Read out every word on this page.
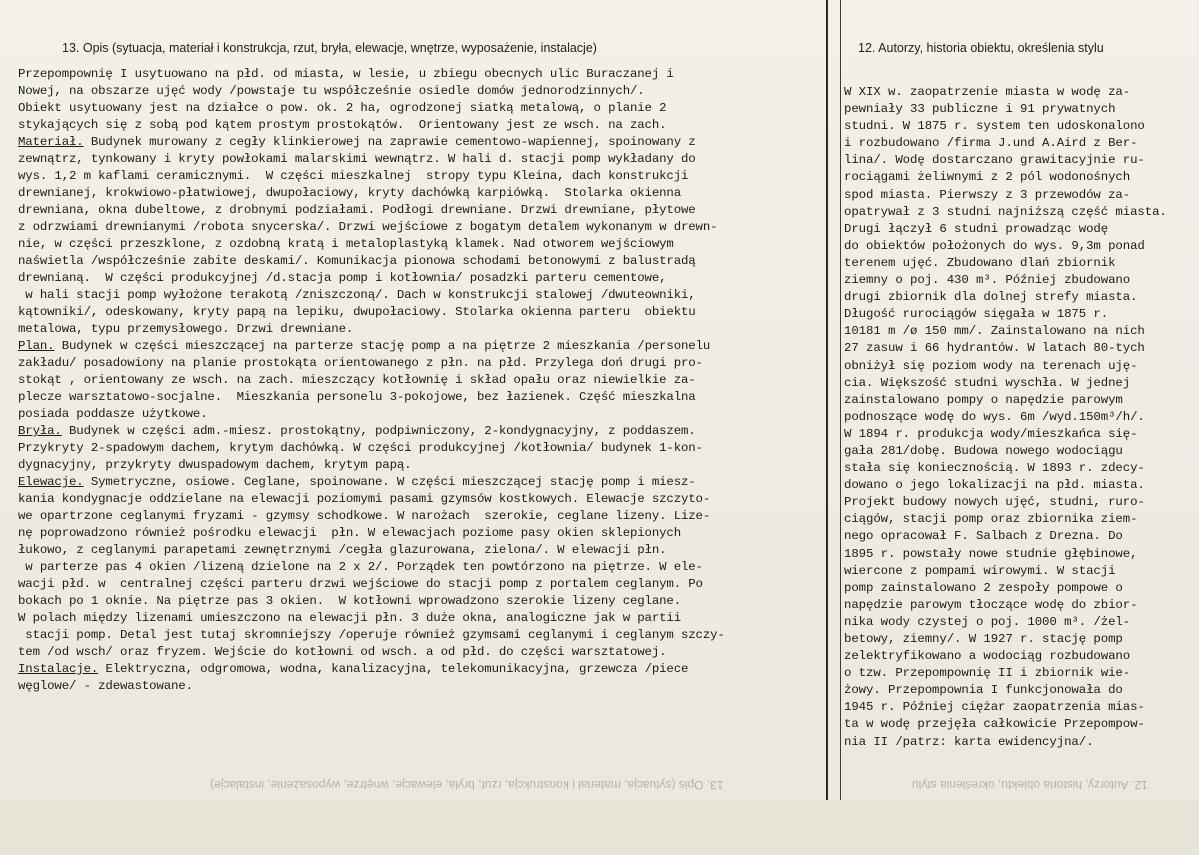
13. Opis (sytuacja, materiał i konstrukcja, rzut, bryła, elewacje, wnętrze, wyposażenie, instalacje)	12. Autorzy, historia obiektu, określenia stylu
Przepompownię I usytuowano na płd. od miasta, w lesie, u zbiegu obecnych ulic Buraczanej i
Nowej, na obszarze ujęć wody /powstaje tu współcześnie osiedle domów jednorodzinnych/.
Obiekt usytuowany jest na działce o pow. ok. 2 ha, ogrodzonej siatką metalową, o planie 2
stykających się z sobą pod kątem prostym prostokątów.  Orientowany jest ze wsch. na zach.
Materiał. Budynek murowany z cegły klinkierowej na zaprawie cementowo-wapiennej, spoinowany z
zewnątrz, tynkowany i kryty powłokami malarskimi wewnątrz. W hali d. stacji pomp wykładany do
wys. 1,2 m kaflami ceramicznymi.  W części mieszkalnej  stropy typu Kleina, dach konstrukcji
drewnianej, krokwiowo-płatwiowej, dwupołaciowy, kryty dachówką karpiówką.  Stolarka okienna
drewniana, okna dubeltowe, z drobnymi podziałami. Podłogi drewniane. Drzwi drewniane, płytowe
z odrzwiami drewnianymi /robota snycerska/. Drzwi wejściowe z bogatym detalem wykonanym w drewn-
nie, w części przeszklone, z ozdobną kratą i metaloplastyką klamek. Nad otworem wejściowym
naświetla /współcześnie zabite deskami/. Komunikacja pionowa schodami betonowymi z balustradą
drewnianą.  W części produkcyjnej /d.stacja pomp i kotłownia/ posadzki parteru cementowe,
w hali stacji pomp wyłożone terakotą /zniszczoną/. Dach w konstrukcji stalowej /dwuteowniki,
kątowniki/, odeskowany, kryty papą na lepiku, dwupołaciowy. Stolarka okienna parteru  obiektu
metalowa, typu przemysłowego. Drzwi drewniane.
Plan. Budynek w części mieszczącej na parterze stację pomp a na piętrze 2 mieszkania /personelu
zakładu/ posadowiony na planie prostokąta orientowanego z płn. na płd. Przylega doń drugi pro-
stokąt , orientowany ze wsch. na zach. mieszczący kotłownię i skład opału oraz niewielkie za-
plecze warsztatowo-socjalne.  Mieszkania personelu 3-pokojowe, bez łazienek. Część mieszkalna
posiada poddasze użytkowe.
Bryła. Budynek w części adm.-miesz. prostokątny, podpiwniczony, 2-kondygnacyjny, z poddaszem.
Przykryty 2-spadowym dachem, krytym dachówką. W części produkcyjnej /kotłownia/ budynek 1-kon-
dygnacyjny, przykryty dwuspadowym dachem, krytym papą.
Elewacje. Symetryczne, osiowe. Ceglane, spoinowane. W części mieszczącej stację pomp i miesz-
kania kondygnacje oddzielane na elewacji poziomymi pasami gzymsów kostkowych. Elewacje szczyto-
we opartrzone ceglanymi fryzami - gzymsy schodkowe. W narożach  szerokie, ceglane lizeny. Lize-
nę poprowadzono również pośrodku elewacji  płn. W elewacjach poziome pasy okien sklepionych
łukowo, z ceglanymi parapetami zewnętrznymi /cegła glazurowana, zielona/. W elewacji płn.
w parterze pas 4 okien /lizeną dzielone na 2 x 2/. Porządek ten powtórzono na piętrze. W ele-
wacji płd. w  centralnej części parteru drzwi wejściowe do stacji pomp z portalem ceglanym. Po
bokach po 1 oknie. Na piętrze pas 3 okien.  W kotłowni wprowadzono szerokie lizeny ceglane.
W polach między lizenami umieszczono na elewacji płn. 3 duże okna, analogiczne jak w partii
stacji pomp. Detal jest tutaj skromniejszy /operuje również gzymsami ceglanymi i ceglanym szczy-
tem /od wsch/ oraz fryzem. Wejście do kotłowni od wsch. a od płd. do części warsztatowej.
Instalacje. Elektryczna, odgromowa, wodna, kanalizacyjna, telekomunikacyjna, grzewcza /piece
węglowe/ - zdewastowane.
W XIX w. zaopatrzenie miasta w wodę za-
pewniały 33 publiczne i 91 prywatnych
studni. W 1875 r. system ten udoskonalono
i rozbudowano /firma J.und A.Aird z Ber-
lina/. Wodę dostarczano grawitacyjnie ru-
rociągami żeliwnymi z 2 pól wodonośnych
spod miasta. Pierwszy z 3 przewodów za-
opatrywał z 3 studni najniższą część miasta.
Drugi łączył 6 studni prowadząc wodę
do obiektów położonych do wys. 9,3m ponad
terenem ujęć. Zbudowano dlań zbiornik
ziemny o poj. 430 m³. Później zbudowano
drugi zbiornik dla dolnej strefy miasta.
Długość rurociągów sięgała w 1875 r.
10181 m /ø 150 mm/. Zainstalowano na nich
27 zasuw i 66 hydrantów. W latach 80-tych
obniżył się poziom wody na terenach uję-
cia. Większość studni wyschła. W jednej
zainstalowano pompy o napędzie parowym
podnoszące wodę do wys. 6m /wyd.150m³/h/.
W 1894 r. produkcja wody/mieszkańca się-
gała 281/dobę. Budowa nowego wodociągu
stała się koniecznością. W 1893 r. zdecy-
dowano o jego lokalizacji na płd. miasta.
Projekt budowy nowych ujęć, studni, ruro-
ciągów, stacji pomp oraz zbiornika ziem-
nego opracował F. Salbach z Drezna. Do
1895 r. powstały nowe studnie głębinowe,
wiercone z pompami wirowymi. W stacji
pomp zainstalowano 2 zespoły pompowe o
napędzie parowym tłoczące wodę do zbior-
nika wody czystej o poj. 1000 m³. /żel-
betowy, ziemny/. W 1927 r. stację pomp
zelektryfikowano a wodociąg rozbudowano
o tzw. Przepompownię II i zbiornik wie-
żowy. Przepompownia I funkcjonowała do
1945 r. Później ciężar zaopatrzenia mias-
ta w wodę przejęła całkowicie Przepompow-
nia II /patrz: karta ewidencyjna/.
13. Opis (sytuacja, materiał i konstrukcja, rzut, bryła, elewacje, wnętrze, wyposażenie, instalacje)	12. Autorzy, historia obiektu, określenia stylu
